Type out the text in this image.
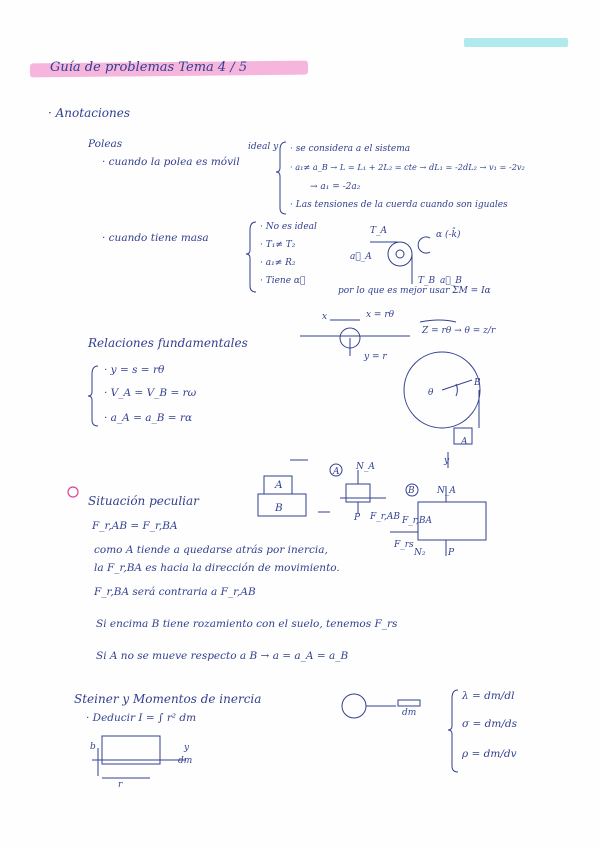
Guía de problemas Tema 4 / 5
· Anotaciones
Poleas
· cuando la polea es móvil
ideal y · se considera a el sistema
· a₁≠ a_B → L = L₁ + 2L₂ = cte → dL₁ = -2dL₂ → v₁ = -2v₂
→ a₁ = -2a₂
· Las tensiones de la cuerda cuando son iguales
· cuando tiene masa
· No es ideal
· T₁≠ T₂
· a₁≠ R₂
· Tiene α⃗
por lo que es mejor usar ΣM = Iα
T_A
a⃗_A
T_B a⃗_B
α (-k̂)
Relaciones fundamentales
· y = s = rθ
· V_A = V_B = rω
· a_A = a_B = rα
x	x = rθ
y = r
Z = rθ → θ = z/r
θ
B
A
y
Situación peculiar
F_r,AB = F_r,BA
como A tiende a quedarse atrás por inercia,
la F_r,BA es hacia la dirección de movimiento.
F_r,BA será contraria a F_r,AB
Si encima B tiene rozamiento con el suelo, tenemos F_rs
Si A no se mueve respecto a B → a = a_A = a_B
A
B
A N_A
P F_r,AB
B N_A
F_r,BA
F_rs
N₂	P
Steiner y Momentos de inercia
· Deducir I = ∫ r² dm
b	y
r
dm
dm
λ = dm/dl
σ = dm/ds
ρ = dm/dv
